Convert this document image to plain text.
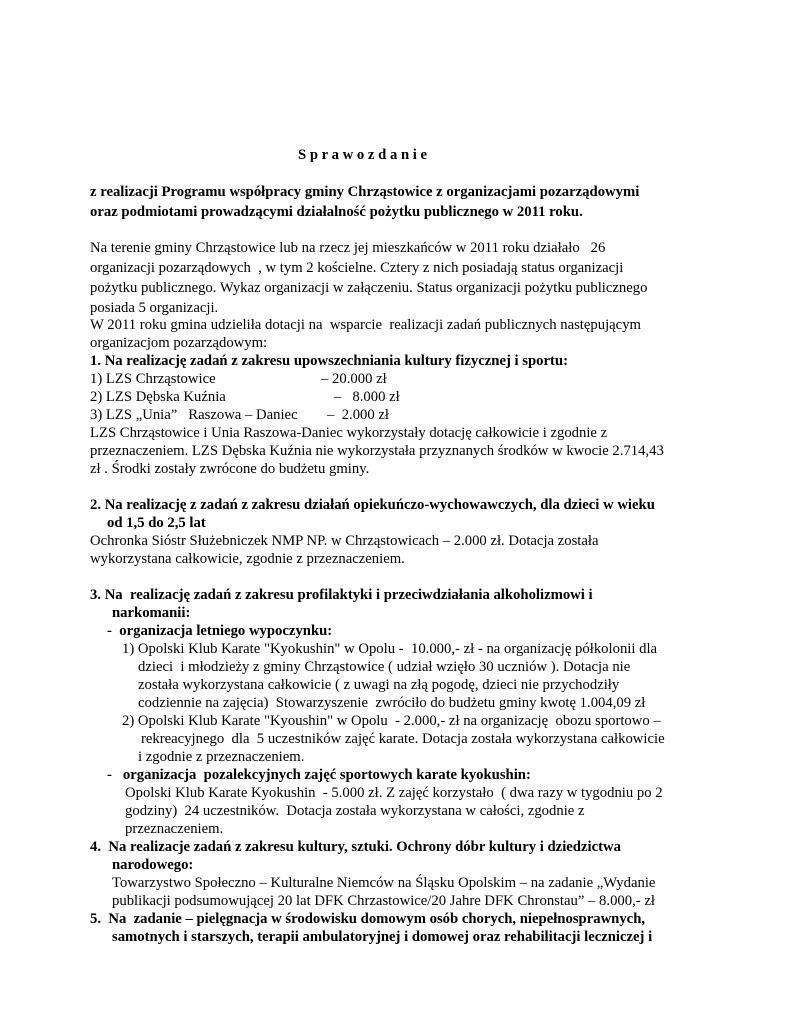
S p r a w o z d a n i e
z realizacji Programu współpracy gminy Chrząstowice z organizacjami pozarządowymi
oraz podmiotami prowadzącymi działalność pożytku publicznego w 2011 roku.
Na terenie gminy Chrząstowice lub na rzecz jej mieszkańców w 2011 roku działało   26
organizacji pozarządowych  , w tym 2 kościelne. Cztery z nich posiadają status organizacji
pożytku publicznego. Wykaz organizacji w załączeniu. Status organizacji pożytku publicznego
posiada 5 organizacji.
W 2011 roku gmina udzieliła dotacji na  wsparcie  realizacji zadań publicznych następującym
organizacjom pozarządowym:
1. Na realizację zadań z zakresu upowszechniania kultury fizycznej i sportu:
1) LZS Chrząstowice	– 20.000 zł
2) LZS Dębska Kuźnia	–   8.000 zł
3) LZS „Unia”   Raszowa – Daniec –  2.000 zł
LZS Chrząstowice i Unia Raszowa-Daniec wykorzystały dotację całkowicie i zgodnie z
przeznaczeniem. LZS Dębska Kuźnia nie wykorzystała przyznanych środków w kwocie 2.714,43
zł . Środki zostały zwrócone do budżetu gminy.
2. Na realizację z zadań z zakresu działań opiekuńczo-wychowawczych, dla dzieci w wieku
od 1,5 do 2,5 lat
Ochronka Sióstr Służebniczek NMP NP. w Chrząstowicach – 2.000 zł. Dotacja została
wykorzystana całkowicie, zgodnie z przeznaczeniem.
3. Na  realizację zadań z zakresu profilaktyki i przeciwdziałania alkoholizmowi i
narkomanii:
-  organizacja letniego wypoczynku:
1) Opolski Klub Karate "Kyokushin" w Opolu -  10.000,- zł - na organizację półkolonii dla
dzieci  i młodzieży z gminy Chrząstowice ( udział wzięło 30 uczniów ). Dotacja nie
została wykorzystana całkowicie ( z uwagi na złą pogodę, dzieci nie przychodziły
codziennie na zajęcia)  Stowarzyszenie  zwróciło do budżetu gminy kwotę 1.004,09 zł
2) Opolski Klub Karate "Kyoushin" w Opolu  - 2.000,- zł na organizację  obozu sportowo –
rekreacyjnego  dla  5 uczestników zajęć karate. Dotacja została wykorzystana całkowicie
i zgodnie z przeznaczeniem.
-   organizacja  pozalekcyjnych zajęć sportowych karate kyokushin:
Opolski Klub Karate Kyokushin  - 5.000 zł. Z zajęć korzystało  ( dwa razy w tygodniu po 2
godziny)  24 uczestników.  Dotacja została wykorzystana w całości, zgodnie z
przeznaczeniem.
4.  Na realizacje zadań z zakresu kultury, sztuki. Ochrony dóbr kultury i dziedzictwa
narodowego:
Towarzystwo Społeczno – Kulturalne Niemców na Śląsku Opolskim – na zadanie „Wydanie
publikacji podsumowującej 20 lat DFK Chrzastowice/20 Jahre DFK Chronstau” – 8.000,- zł
5.  Na  zadanie – pielęgnacja w środowisku domowym osób chorych, niepełnosprawnych,
samotnych i starszych, terapii ambulatoryjnej i domowej oraz rehabilitacji leczniczej i
